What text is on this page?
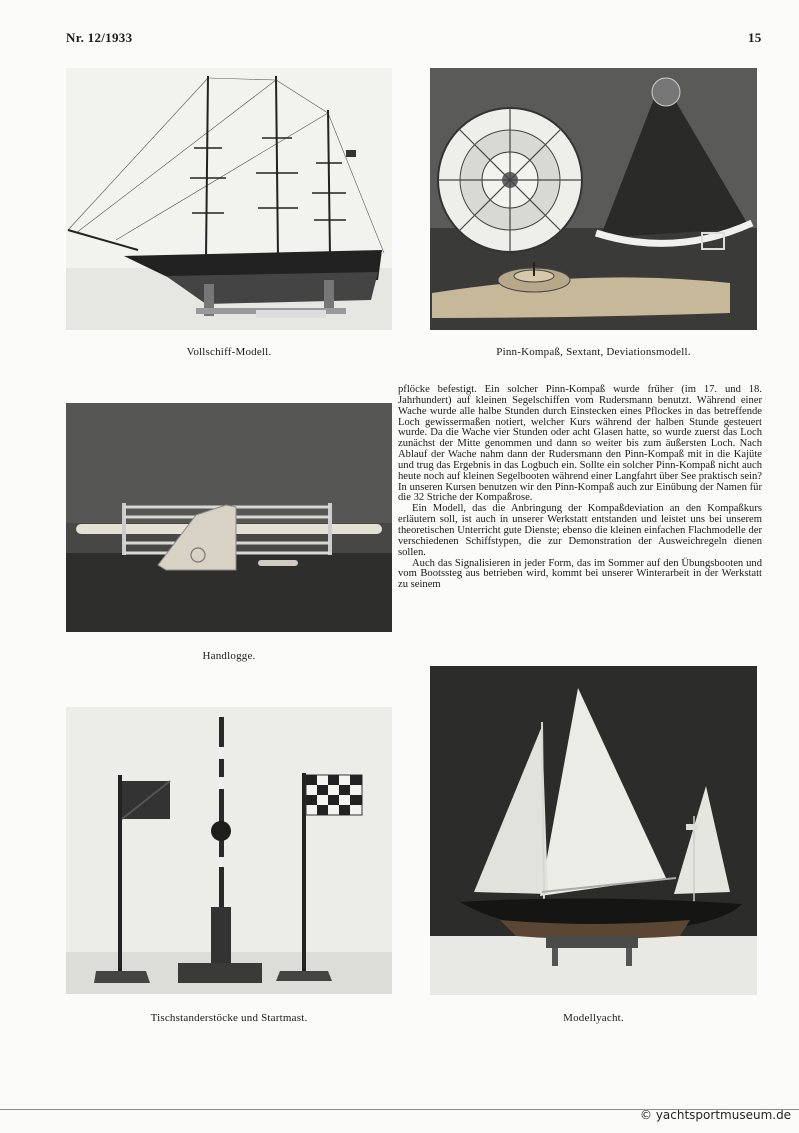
Nr. 12/1933	15
Vollschiff-Modell.	Pinn-Kompaß, Sextant, Deviationsmodell.
Handlogge.

pflöcke befestigt. Ein solcher Pinn-Kompaß wurde früher (im 17. und 18. Jahrhundert) auf kleinen Segelschiffen vom Rudersmann benutzt. Während einer Wache wurde alle halbe Stunden durch Einstecken eines Pflockes in das betreffende Loch gewissermaßen notiert, welcher Kurs während der halben Stunde gesteuert wurde. Da die Wache vier Stunden oder acht Glasen hatte, so wurde zuerst das Loch zunächst der Mitte genommen und dann so weiter bis zum äußersten Loch. Nach Ablauf der Wache nahm dann der Rudersmann den Pinn-Kompaß mit in die Kajüte und trug das Ergebnis in das Logbuch ein. Sollte ein solcher Pinn-Kompaß nicht auch heute noch auf kleinen Segelbooten während einer Langfahrt über See praktisch sein? In unseren Kursen benutzen wir den Pinn-Kompaß auch zur Einübung der Namen für die 32 Striche der Kompaßrose.

Ein Modell, das die Anbringung der Kompaßdeviation an den Kompaßkurs erläutern soll, ist auch in unserer Werkstatt entstanden und leistet uns bei unserem theoretischen Unterricht gute Dienste; ebenso die kleinen einfachen Flachmodelle der verschiedenen Schiffstypen, die zur Demonstration der Ausweichregeln dienen sollen.

Auch das Signalisieren in jeder Form, das im Sommer auf den Übungsbooten und vom Bootssteg aus betrieben wird, kommt bei unserer Winterarbeit in der Werkstatt zu seinem

Tischstanderstöcke und Startmast.	Modellyacht.
© yachtsportmuseum.de
